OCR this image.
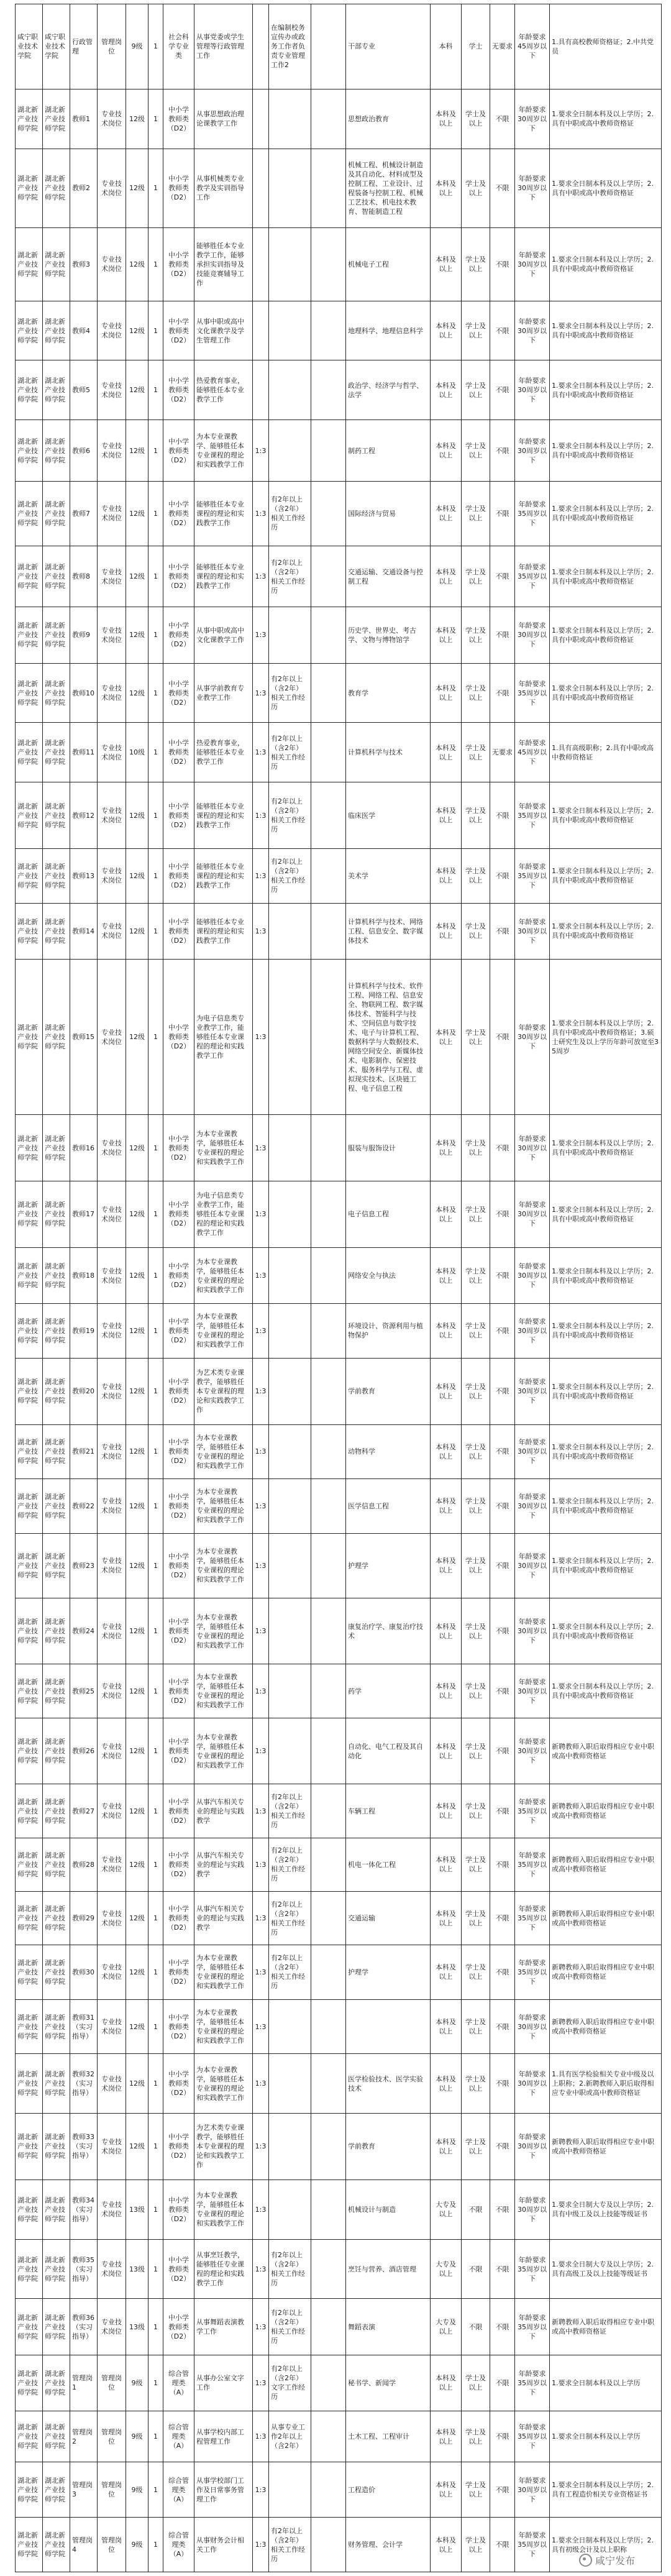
咸宁职业技术学院	咸宁职业技术学院	行政管理	管理岗位	9级	1	社会科学专业类	从事党委或学生管理等行政管理工作		在编制校务宣传办或政务工作者负责专业管理工作2		干部专业	本科	学士	无要求	年龄要求45周岁以下	1.具有高校教师资格证；2.中共党员
湖北新产业技师学院	湖北新产业技师学院	教师1	专业技术岗位	12级	1	中小学教师类（D2）	从事思想政治理论课教学工作				思想政治教育	本科及以上	学士及以上	不限	年龄要求30周岁以下	1.要求全日制本科及以上学历；2.具有中职或高中教师资格证
湖北新产业技师学院	湖北新产业技师学院	教师2	专业技术岗位	12级	1	中小学教师类（D2）	从事机械类专业教学及实训指导工作				机械工程、机械设计制造及其自动化、材料成型及控制工程、工业设计、过程装备与控制工程、机械工艺技术、机电技术教育、智能制造工程	本科及以上	学士及以上	不限	年龄要求30周岁以下	1.要求全日制本科及以上学历；2.具有中职或高中教师资格证
湖北新产业技师学院	湖北新产业技师学院	教师3	专业技术岗位	12级	1	中小学教师类（D2）	能够胜任本专业教学工作，能够承担实训指导及技能竞赛辅导工作				机械电子工程	本科及以上	学士及以上	不限	年龄要求30周岁以下	1.要求全日制本科及以上学历；2.具有中职或高中教师资格证
湖北新产业技师学院	湖北新产业技师学院	教师4	专业技术岗位	12级	1	中小学教师类（D2）	从事中职或高中文化课教学及学生管理工作				地理科学、地理信息科学	本科及以上	学士及以上	不限	年龄要求30周岁以下	1.要求全日制本科及以上学历；2.具有中职或高中教师资格证
湖北新产业技师学院	湖北新产业技师学院	教师5	专业技术岗位	12级	1	中小学教师类（D2）	热爱教育事业，能够胜任本专业教学工作				政治学、经济学与哲学、法学	本科及以上	学士及以上	不限	年龄要求30周岁以下	1.要求全日制本科及以上学历；2.具有中职或高中教师资格证
湖北新产业技师学院	湖北新产业技师学院	教师6	专业技术岗位	12级	1	中小学教师类（D2）	为本专业课教学、能够胜任本专业课程的理论和实践教学工作	1:3			制药工程	本科及以上	学士及以上	不限	年龄要求30周岁以下	1.要求全日制本科及以上学历；2.具有中职或高中教师资格证
湖北新产业技师学院	湖北新产业技师学院	教师7	专业技术岗位	12级	1	中小学教师类（D2）	能够胜任本专业课程的理论和实践教学工作	1:3	有2年以上（含2年）相关工作经历		国际经济与贸易	本科及以上	学士及以上	不限	年龄要求35周岁以下	1.要求全日制本科及以上学历；2.具有中职或高中教师资格证
湖北新产业技师学院	湖北新产业技师学院	教师8	专业技术岗位	12级	1	中小学教师类（D2）	能够胜任本专业课程的理论和实践教学工作	1:3	有2年以上（含2年）相关工作经历		交通运输、交通设备与控制工程	本科及以上	学士及以上	不限	年龄要求35周岁以下	1.要求全日制本科及以上学历；2.具有中职或高中教师资格证
湖北新产业技师学院	湖北新产业技师学院	教师9	专业技术岗位	12级	1	中小学教师类（D2）	从事中职或高中文化课教学工作	1:3			历史学、世界史、考古学、文物与博物馆学	本科及以上	学士及以上	不限	年龄要求30周岁以下	1.要求全日制本科及以上学历；2.具有中职或高中教师资格证
湖北新产业技师学院	湖北新产业技师学院	教师10	专业技术岗位	12级	1	中小学教师类（D2）	从事学前教育专业教学工作	1:3	有2年以上（含2年）相关工作经历		教育学	本科及以上	学士及以上	不限	年龄要求35周岁以下	1.要求全日制本科及以上学历；2.具有中职或高中教师资格证
湖北新产业技师学院	湖北新产业技师学院	教师11	专业技术岗位	10级	1	中小学教师类（D2）	热爱教育事业，能够胜任本专业教学工作	1:3	有2年以上（含2年）相关工作经历		计算机科学与技术	本科及以上	学士及以上	无要求	年龄要求45周岁以下	1.具有高级职称；2.具有中职或高中教师资格证
湖北新产业技师学院	湖北新产业技师学院	教师12	专业技术岗位	12级	1	中小学教师类（D2）	能够胜任本专业课程的理论和实践教学工作	1:3	有2年以上（含2年）相关工作经历		临床医学	本科及以上	学士及以上	不限	年龄要求35周岁以下	1.要求全日制本科及以上学历；2.具有中职或高中教师资格证
湖北新产业技师学院	湖北新产业技师学院	教师13	专业技术岗位	12级	1	中小学教师类（D2）	能够胜任本专业课程的理论和实践教学工作	1:3	有2年以上（含2年）相关工作经历		美术学	本科及以上	学士及以上	不限	年龄要求35周岁以下	1.要求全日制本科及以上学历；2.具有中职或高中教师资格证
湖北新产业技师学院	湖北新产业技师学院	教师14	专业技术岗位	12级	1	中小学教师类（D2）	能够胜任本专业课程的理论和实践教学工作	1:3			计算机科学与技术、网络工程、信息安全、数字媒体技术	本科及以上	学士及以上	不限	年龄要求30周岁以下	1.要求全日制本科及以上学历；2.具有中职或高中教师资格证
湖北新产业技师学院	湖北新产业技师学院	教师15	专业技术岗位	12级	1	中小学教师类（D2）	为电子信息类专业教学工作，能够胜任本专业课程的理论和实践教学工作	1:3			计算机科学与技术、软件工程、网络工程、信息安全、物联网工程、数字媒体技术、智能科学与技术、空间信息与数字技术、电子与计算机工程、数据科学与大数据技术、网络空间安全、新媒体技术、电影制作、保密技术、服务科学与工程、虚拟现实技术、区块链工程、电子信息工程	本科及以上	学士及以上	不限	年龄要求30周岁以下	1.要求全日制本科及以上学历；2.具有中职或高中教师资格证；3.硕士研究生及以上学历年龄可放宽至35周岁
湖北新产业技师学院	湖北新产业技师学院	教师16	专业技术岗位	12级	1	中小学教师类（D2）	为本专业课教学，能够胜任本专业课程的理论和实践教学工作	1:3			服装与服饰设计	本科及以上	学士及以上	不限	年龄要求30周岁以下	1.要求全日制本科及以上学历；2.具有中职或高中教师资格证
湖北新产业技师学院	湖北新产业技师学院	教师17	专业技术岗位	12级	1	中小学教师类（D2）	为电子信息类专业教学工作，能够胜任本专业课程的理论和实践教学工作	1:3			电子信息工程	本科及以上	学士及以上	不限	年龄要求30周岁以下	1.要求全日制本科及以上学历；2.具有中职或高中教师资格证
湖北新产业技师学院	湖北新产业技师学院	教师18	专业技术岗位	12级	1	中小学教师类（D2）	为本专业课教学，能够胜任本专业课程的理论和实践教学工作	1:3			网络安全与执法	本科及以上	学士及以上	不限	年龄要求30周岁以下	1.要求全日制本科及以上学历；2.具有中职或高中教师资格证
湖北新产业技师学院	湖北新产业技师学院	教师19	专业技术岗位	12级	1	中小学教师类（D2）	为本专业课教学，能够胜任本专业课程的理论和实践教学工作	1:3			环境设计、资源利用与植物保护	本科及以上	学士及以上	不限	年龄要求30周岁以下	1.要求全日制本科及以上学历；2.具有中职或高中教师资格证
湖北新产业技师学院	湖北新产业技师学院	教师20	专业技术岗位	12级	1	中小学教师类（D2）	为艺术类专业课教学，能够胜任本专业课程的理论和实践教学工作	1:3			学前教育	本科及以上	学士及以上	不限	年龄要求30周岁以下	1.要求全日制本科及以上学历；2.具有中职或高中教师资格证
湖北新产业技师学院	湖北新产业技师学院	教师21	专业技术岗位	12级	1	中小学教师类（D2）	为本专业课教学，能够胜任本专业课程的理论和实践教学工作	1:3			动物科学	本科及以上	学士及以上	不限	年龄要求30周岁以下	1.要求全日制本科及以上学历；2.具有中职或高中教师资格证
湖北新产业技师学院	湖北新产业技师学院	教师22	专业技术岗位	12级	1	中小学教师类（D2）	为本专业课教学，能够胜任本专业课程的理论和实践教学工作	1:3			医学信息工程	本科及以上	学士及以上	不限	年龄要求30周岁以下	1.要求全日制本科及以上学历；2.具有中职或高中教师资格证
湖北新产业技师学院	湖北新产业技师学院	教师23	专业技术岗位	12级	1	中小学教师类（D2）	为本专业课教学，能够胜任本专业课程的理论和实践教学工作	1:3			护理学	本科及以上	学士及以上	不限	年龄要求30周岁以下	1.要求全日制本科及以上学历；2.具有中职或高中教师资格证
湖北新产业技师学院	湖北新产业技师学院	教师24	专业技术岗位	12级	1	中小学教师类（D2）	为本专业课教学，能够胜任本专业课程的理论和实践教学工作	1:3			康复治疗学、康复治疗技术	本科及以上	学士及以上	不限	年龄要求30周岁以下	1.要求全日制本科及以上学历；2.具有中职或高中教师资格证
湖北新产业技师学院	湖北新产业技师学院	教师25	专业技术岗位	12级	1	中小学教师类（D2）	为本专业课教学，能够胜任本专业课程的理论和实践教学工作	1:3			药学	本科及以上	学士及以上	不限	年龄要求30周岁以下	1.要求全日制本科及以上学历；2.具有中职或高中教师资格证
湖北新产业技师学院	湖北新产业技师学院	教师26	专业技术岗位	12级	1	中小学教师类（D2）	为本专业课教学，能够胜任本专业课程的理论和实践教学工作	1:3			自动化、电气工程及其自动化	本科及以上	学士及以上	不限	年龄要求30周岁以下	新聘教师入职后取得相应专业中职或高中教师资格证
湖北新产业技师学院	湖北新产业技师学院	教师27	专业技术岗位	12级	1	中小学教师类（D2）	从事汽车相关专业的理论与实践教学	1:3	有2年以上（含2年）相关工作经历		车辆工程	本科及以上	学士及以上	不限	年龄要求35周岁以下	新聘教师入职后取得相应专业中职或高中教师资格证
湖北新产业技师学院	湖北新产业技师学院	教师28	专业技术岗位	12级	1	中小学教师类（D2）	从事汽车相关专业的理论与实践教学	1:3	有2年以上（含2年）相关工作经历		机电一体化工程	本科及以上	学士及以上	不限	年龄要求35周岁以下	新聘教师入职后取得相应专业中职或高中教师资格证
湖北新产业技师学院	湖北新产业技师学院	教师29	专业技术岗位	12级	1	中小学教师类（D2）	从事汽车相关专业的理论与实践教学	1:3	有2年以上（含2年）相关工作经历		交通运输	本科及以上	学士及以上	不限	年龄要求35周岁以下	新聘教师入职后取得相应专业中职或高中教师资格证
湖北新产业技师学院	湖北新产业技师学院	教师30	专业技术岗位	12级	1	中小学教师类（D2）	为本专业课教学，能够胜任本专业课程的理论和实践教学工作	1:3	有2年以上（含2年）相关工作经历		护理学	本科及以上	学士及以上	不限	年龄要求35周岁以下	新聘教师入职后取得相应专业中职或高中教师资格证
湖北新产业技师学院	湖北新产业技师学院	教师31（实习指导）	专业技术岗位	12级	1	中小学教师类（D2）	为本专业课教学，能够胜任本专业课程的理论和实践教学工作	1:3				本科及以上	学士及以上	不限	年龄要求30周岁以下	新聘教师入职后取得相应专业中职或高中教师资格证
湖北新产业技师学院	湖北新产业技师学院	教师32（实习指导）	专业技术岗位	12级	1	中小学教师类（D2）	为本专业课教学，能够胜任本专业课程的理论和实践教学工作	1:3			医学检验技术、医学实验技术	本科及以上	学士及以上	不限	年龄要求30周岁以下	1.具有医学检验相关专业中级及以上职称；2.新聘教师入职后取得相应专业中职或高中教师资格证
湖北新产业技师学院	湖北新产业技师学院	教师33（实习指导）	专业技术岗位	12级	1	中小学教师类（D2）	为艺术类专业课教学，能够胜任本专业课程的理论和实践教学工作	1:3			学前教育	本科及以上	学士及以上	不限	年龄要求30周岁以下	新聘教师入职后取得相应专业中职或高中教师资格证
湖北新产业技师学院	湖北新产业技师学院	教师34（实习指导）	专业技术岗位	13级	1	中小学教师类（D2）	为本专业课教学，能够胜任本专业课程的理论和实践教学工作	1:3			机械设计与制造	大专及以上	不限	不限	年龄要求30周岁以下	1.要求全日制大专及以上学历；2.具有中级工及以上技能等级证书
湖北新产业技师学院	湖北新产业技师学院	教师35（实习指导）	专业技术岗位	13级	1	中小学教师类（D2）	从事烹饪教学，能够胜任专业课程的理论和实践教学工作	1:3	有2年以上（含2年）相关工作经历		烹饪与营养、酒店管理	大专及以上	不限	不限	年龄要求35周岁以下	1.要求全日制大专及以上学历；2.具有高级工及以上技能等级证书
湖北新产业技师学院	湖北新产业技师学院	教师36（实习指导）	专业技术岗位	13级	1	中小学教师类（D2）	从事舞蹈表演教学工作	1:3	有2年以上（含2年）相关工作经历		舞蹈表演	大专及以上	不限	不限	年龄要求35周岁以下	新聘教师入职后取得相应专业中职或高中教师资格证
湖北新产业技师学院	湖北新产业技师学院	管理岗1	管理岗位	9级	1	综合管理类（A）	从事办公室文字工作	1:3	有2年以上（含2年）文字工作经历		秘书学、新闻学	本科及以上	学士及以上	不限	年龄要求35周岁以下	1.要求全日制本科及以上学历
湖北新产业技师学院	湖北新产业技师学院	管理岗2	管理岗位	9级	1	综合管理类（A）	从事学校内部工程管理工作	1:3	从事专业工作2年以上（含2年）		土木工程、工程审计	本科及以上	学士及以上	不限	年龄要求35周岁以下	1.要求全日制本科及以上学历
湖北新产业技师学院	湖北新产业技师学院	管理岗3	管理岗位	9级	1	综合管理类（A）	从事学校部门工作及日常事务管理工作	1:3			工程造价	本科及以上	学士及以上	不限	年龄要求30周岁以下	1.要求全日制本科及以上学历；2.具有工程造价相关专业资格证书
湖北新产业技师学院	湖北新产业技师学院	管理岗4	管理岗位	9级	1	综合管理类（A）	从事财务会计相关工作	1:3	有2年以上（含2年）相关工作经历		财务管理、会计学	本科及以上	学士及以上	不限	年龄要求35周岁以下	1.要求全日制本科及以上学历；2.具有初级会计及以上职称
咸宁发布
